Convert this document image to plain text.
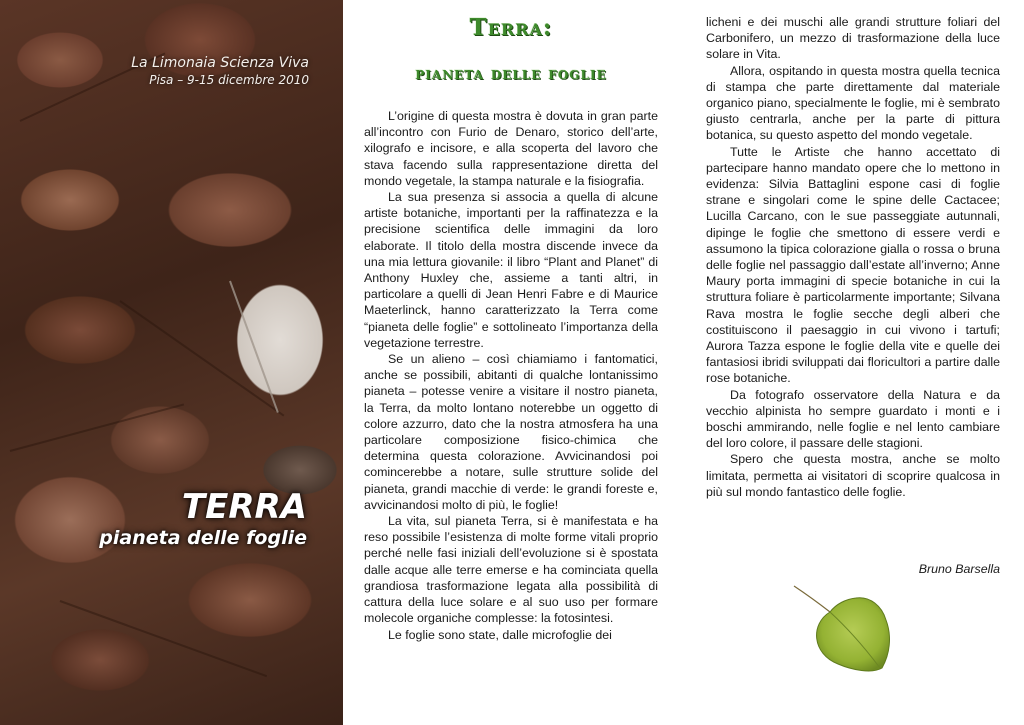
La Limonaia Scienza Viva
Pisa – 9-15 dicembre 2010
TERRA
pianeta delle foglie
Terra:
pianeta delle foglie

L’origine di questa mostra è dovuta in gran parte all’incontro con Furio de Denaro, storico dell’arte, xilografo e incisore, e alla scoperta del lavoro che stava facendo sulla rappresentazione diretta del mondo vegetale, la stampa naturale e la fisiografia.

La sua presenza si associa a quella di alcune artiste botaniche, importanti per la raffinatezza e la precisione scientifica delle immagini da loro elaborate. Il titolo della mostra discende invece da una mia lettura giovanile: il libro “Plant and Planet” di Anthony Huxley che, assieme a tanti altri, in particolare a quelli di Jean Henri Fabre e di Maurice Maeterlinck, hanno caratterizzato la Terra come “pianeta delle foglie” e sottolineato l’importanza della vegetazione terrestre.

Se un alieno – così chiamiamo i fantomatici, anche se possibili, abitanti di qualche lontanissimo pianeta – potesse venire a visitare il nostro pianeta, la Terra, da molto lontano noterebbe un oggetto di colore azzurro, dato che la nostra atmosfera ha una particolare composizione fisico-chimica che determina questa colorazione. Avvicinandosi poi comincerebbe a notare, sulle strutture solide del pianeta, grandi macchie di verde: le grandi foreste e, avvicinandosi molto di più, le foglie!

La vita, sul pianeta Terra, si è manifestata e ha reso possibile l’esistenza di molte forme vitali proprio perché nelle fasi iniziali dell’evoluzione si è spostata dalle acque alle terre emerse e ha cominciata quella grandiosa trasformazione legata alla possibilità di cattura della luce solare e al suo uso per formare molecole organiche complesse: la fotosintesi.

Le foglie sono state, dalle microfoglie dei

licheni e dei muschi alle grandi strutture foliari del Carbonifero, un mezzo di trasformazione della luce solare in Vita.

Allora, ospitando in questa mostra quella tecnica di stampa che parte direttamente dal materiale organico piano, specialmente le foglie, mi è sembrato giusto centrarla, anche per la parte di pittura botanica, su questo aspetto del mondo vegetale.

Tutte le Artiste che hanno accettato di partecipare hanno mandato opere che lo mettono in evidenza: Silvia Battaglini espone casi di foglie strane e singolari come le spine delle Cactacee; Lucilla Carcano, con le sue passeggiate autunnali, dipinge le foglie che smettono di essere verdi e assumono la tipica colorazione gialla o rossa o bruna delle foglie nel passaggio dall’estate all’inverno; Anne Maury porta immagini di specie botaniche in cui la struttura foliare è particolarmente importante; Silvana Rava mostra le foglie secche degli alberi che costituiscono il paesaggio in cui vivono i tartufi; Aurora Tazza espone le foglie della vite e quelle dei fantasiosi ibridi sviluppati dai floricultori a partire dalle rose botaniche.

Da fotografo osservatore della Natura e da vecchio alpinista ho sempre guardato i monti e i boschi ammirando, nelle foglie e nel lento cambiare del loro colore, il passare delle stagioni.

Spero che questa mostra, anche se molto limitata, permetta ai visitatori di scoprire qualcosa in più sul mondo fantastico delle foglie.

Bruno Barsella
